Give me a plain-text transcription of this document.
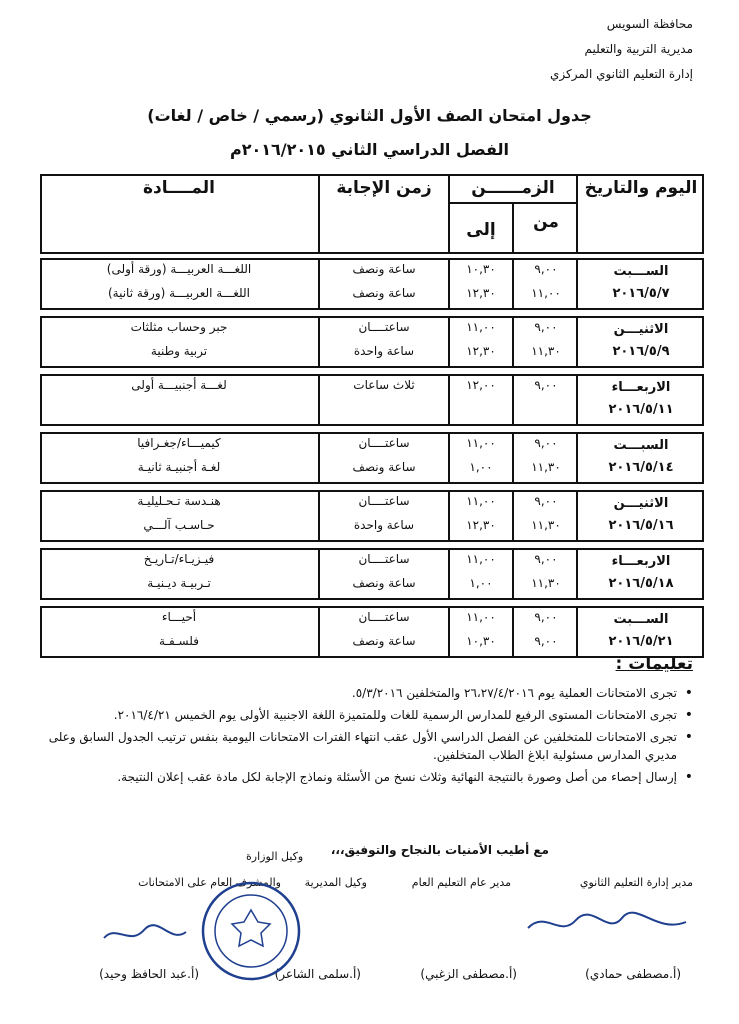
محافظة السويس
مديرية التربية والتعليم
إدارة التعليم الثانوي المركزي
جدول امتحان الصف الأول الثانوي (رسمي / خاص / لغات)
الفصل الدراسي الثاني ٢٠١٦/٢٠١٥م
اليوم والتاريخ
الزمــــــن
من
إلى
زمن الإجابة
المــــادة
الســـبت
٢٠١٦/٥/٧
٩,٠٠
١٠,٣٠
ساعة ونصف
اللغـــة العربيـــة (ورقة أولى)
١١,٠٠
١٢,٣٠
ساعة ونصف
اللغـــة العربيـــة (ورقة ثانية)
الاثنيـــن
٢٠١٦/٥/٩
٩,٠٠
١١,٠٠
ساعتــــان
جبر وحساب مثلثات
١١,٣٠
١٢,٣٠
ساعة واحدة
تربية وطنية
الاربعـــاء
٢٠١٦/٥/١١
٩,٠٠
١٢,٠٠
ثلاث ساعات
لغـــة أجنبيـــة أولى
السبـــت
٢٠١٦/٥/١٤
٩,٠٠
١١,٠٠
ساعتــــان
كيميـــاء/جغـرافيا
١١,٣٠
١,٠٠
ساعة ونصف
لغـة أجنبيـة ثانيـة
الاثنيـــن
٢٠١٦/٥/١٦
٩,٠٠
١١,٠٠
ساعتــــان
هنـدسة تـحـليليـة
١١,٣٠
١٢,٣٠
ساعة واحدة
حـاسـب آلـــي
الاربعـــاء
٢٠١٦/٥/١٨
٩,٠٠
١١,٠٠
ساعتــــان
فيـزيـاء/تـاريـخ
١١,٣٠
١,٠٠
ساعة ونصف
تـربيـة ديـنيـة
الســـبت
٢٠١٦/٥/٢١
٩,٠٠
١١,٠٠
ساعتــــان
أحيـــاء
٩,٠٠
١٠,٣٠
ساعة ونصف
فلسـفـة
تعليمات :
• تجرى الامتحانات العملية يوم ٢٦،٢٧/٤/٢٠١٦ والمتخلفين ٥/٣/٢٠١٦.
• تجرى الامتحانات المستوى الرفيع للمدارس الرسمية للغات وللمتميزة اللغة الاجنبية الأولى يوم الخميس ٢٠١٦/٤/٢١.
• تجرى الامتحانات للمتخلفين عن الفصل الدراسي الأول عقب انتهاء الفترات الامتحانات اليومية بنفس ترتيب الجدول السابق وعلى مديري المدارس مسئولية ابلاغ الطلاب المتخلفين.
• إرسال إحصاء من أصل وصورة بالنتيجة النهائية وثلاث نسخ من الأسئلة ونماذج الإجابة لكل مادة عقب إعلان النتيجة.
مع أطيب الأمنيات بالنجاح والتوفيق،،،
وكيل الوزارة
مدير إدارة التعليم الثانوي
مدير عام التعليم العام
وكيل المديرية
والمشرف العام على الامتحانات
(أ.مصطفى حمادي)
(أ.مصطفى الزغبي)
(أ.سلمى الشاعر)
(أ.عبد الحافظ وحيد)
